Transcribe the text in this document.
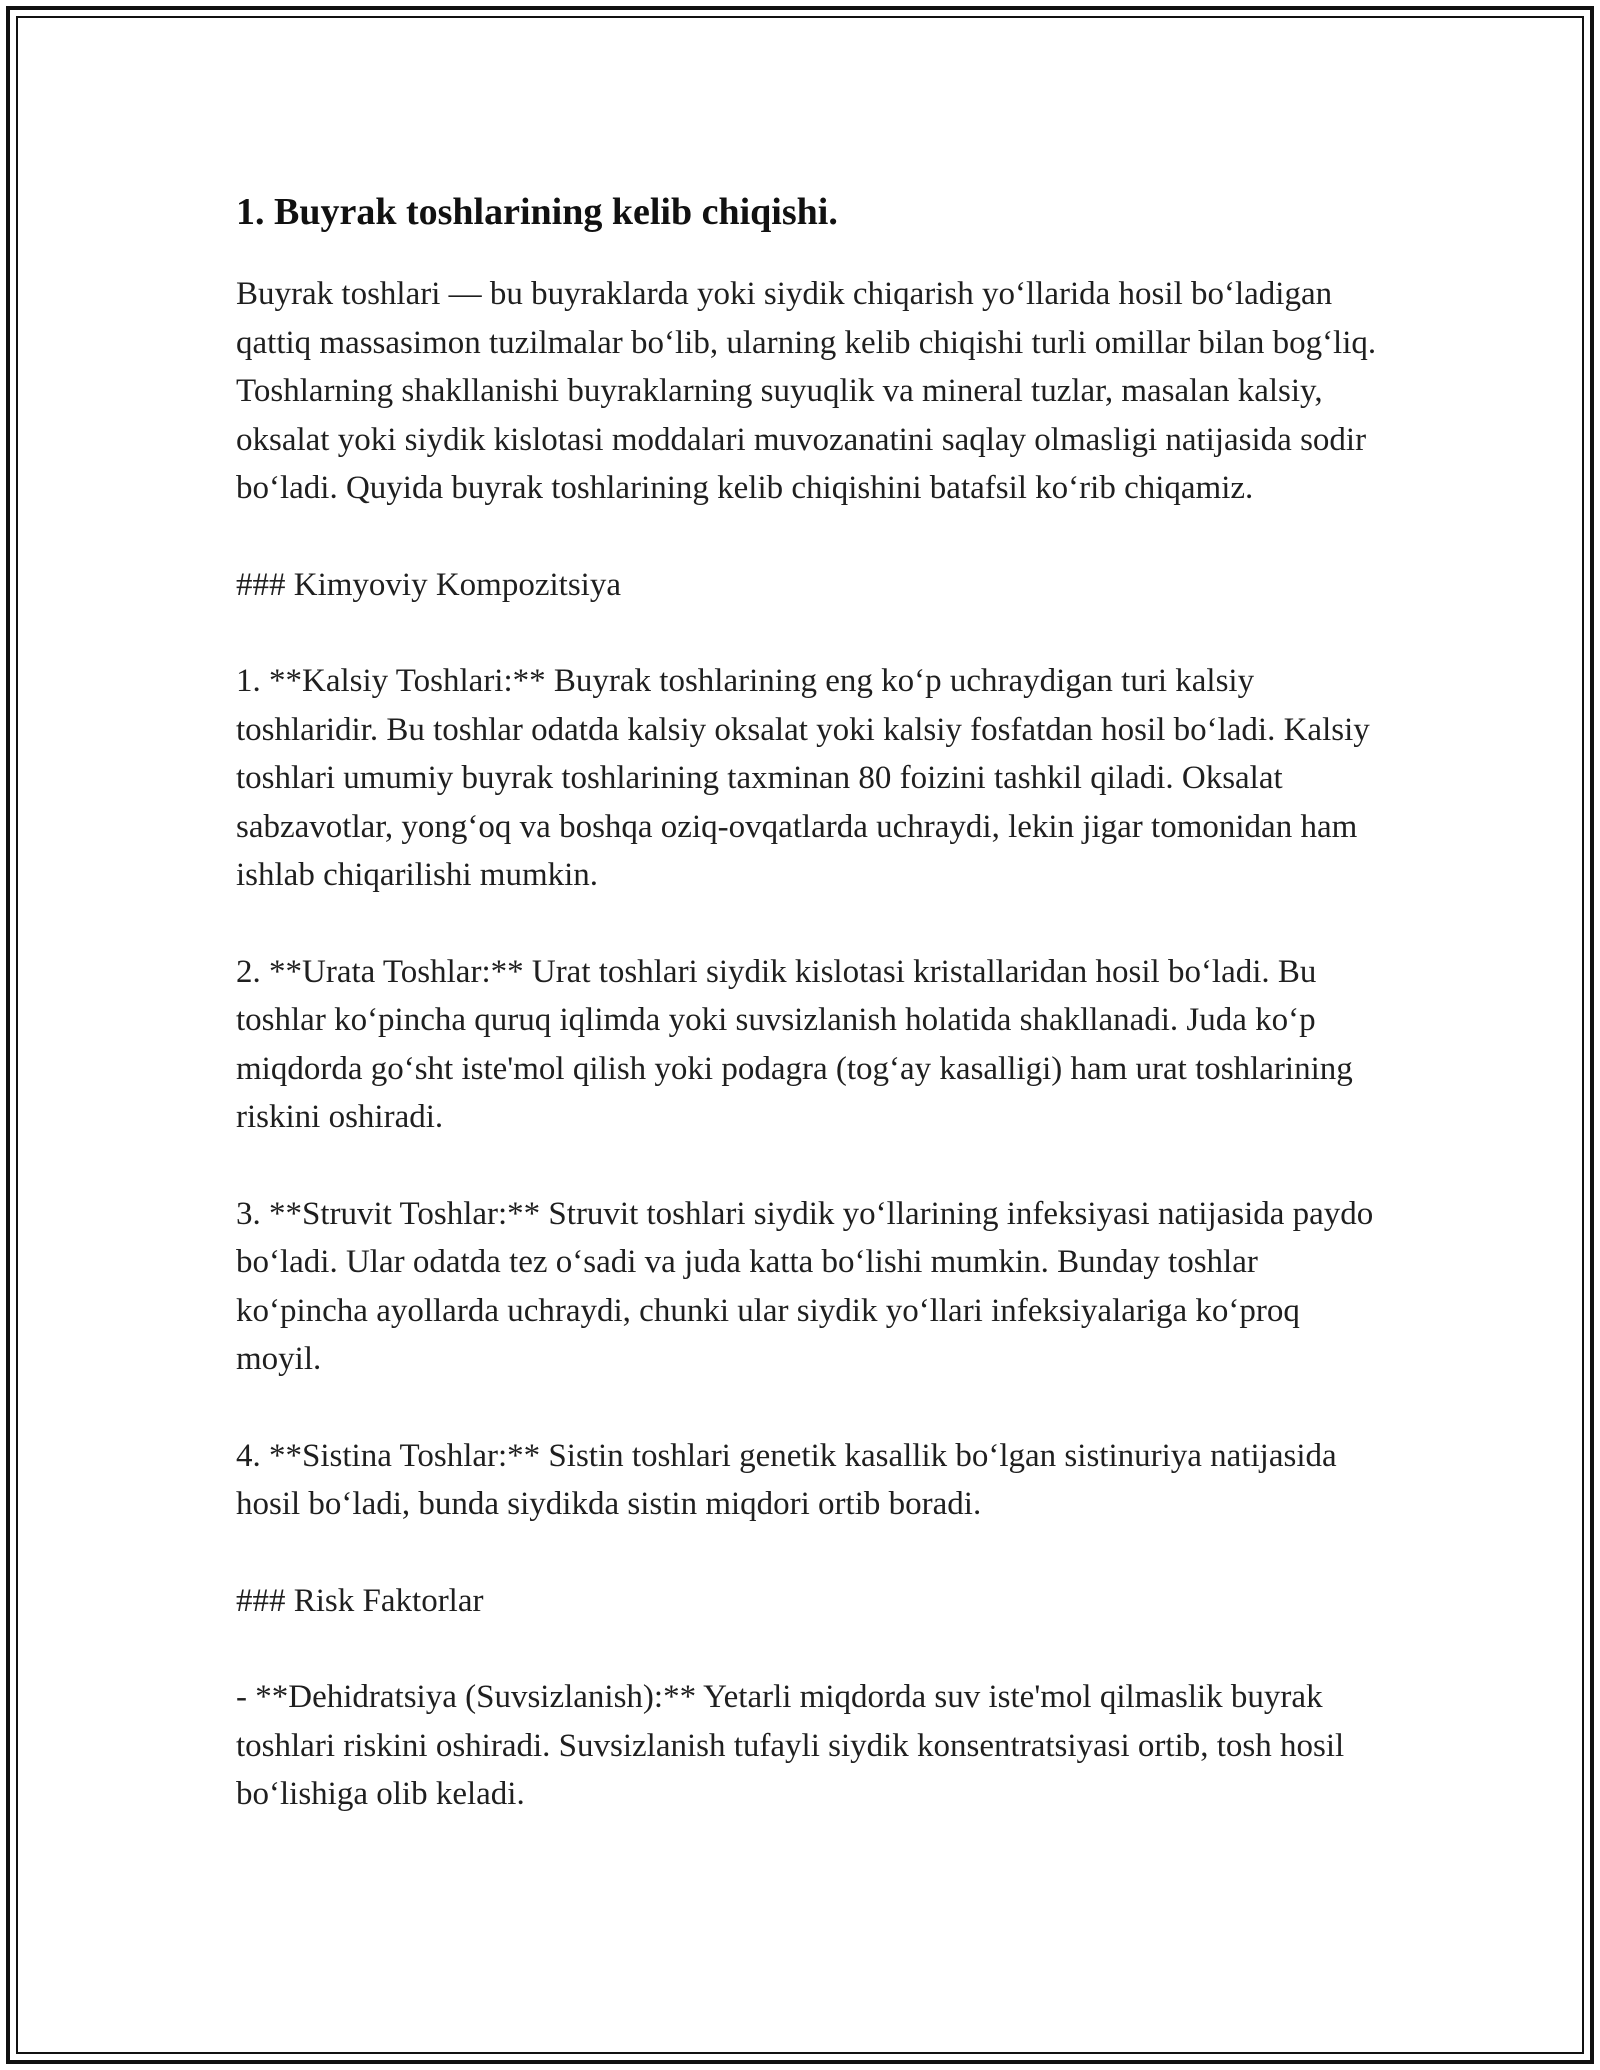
1. Buyrak toshlarining kelib chiqishi.

Buyrak toshlari — bu buyraklarda yoki siydik chiqarish yo‘llarida hosil bo‘ladigan qattiq massasimon tuzilmalar bo‘lib, ularning kelib chiqishi turli omillar bilan bog‘liq. Toshlarning shakllanishi buyraklarning suyuqlik va mineral tuzlar, masalan kalsiy, oksalat yoki siydik kislotasi moddalari muvozanatini saqlay olmasligi natijasida sodir bo‘ladi. Quyida buyrak toshlarining kelib chiqishini batafsil ko‘rib chiqamiz.

### Kimyoviy Kompozitsiya

1. **Kalsiy Toshlari:** Buyrak toshlarining eng ko‘p uchraydigan turi kalsiy toshlaridir. Bu toshlar odatda kalsiy oksalat yoki kalsiy fosfatdan hosil bo‘ladi. Kalsiy toshlari umumiy buyrak toshlarining taxminan 80 foizini tashkil qiladi. Oksalat sabzavotlar, yong‘oq va boshqa oziq-ovqatlarda uchraydi, lekin jigar tomonidan ham ishlab chiqarilishi mumkin.

2. **Urata Toshlar:** Urat toshlari siydik kislotasi kristallaridan hosil bo‘ladi. Bu toshlar ko‘pincha quruq iqlimda yoki suvsizlanish holatida shakllanadi. Juda ko‘p miqdorda go‘sht iste'mol qilish yoki podagra (tog‘ay kasalligi) ham urat toshlarining riskini oshiradi.

3. **Struvit Toshlar:** Struvit toshlari siydik yo‘llarining infeksiyasi natijasida paydo bo‘ladi. Ular odatda tez o‘sadi va juda katta bo‘lishi mumkin. Bunday toshlar ko‘pincha ayollarda uchraydi, chunki ular siydik yo‘llari infeksiyalariga ko‘proq moyil.

4. **Sistina Toshlar:** Sistin toshlari genetik kasallik bo‘lgan sistinuriya natijasida hosil bo‘ladi, bunda siydikda sistin miqdori ortib boradi.

### Risk Faktorlar

- **Dehidratsiya (Suvsizlanish):** Yetarli miqdorda suv iste'mol qilmaslik buyrak toshlari riskini oshiradi. Suvsizlanish tufayli siydik konsentratsiyasi ortib, tosh hosil bo‘lishiga olib keladi.
